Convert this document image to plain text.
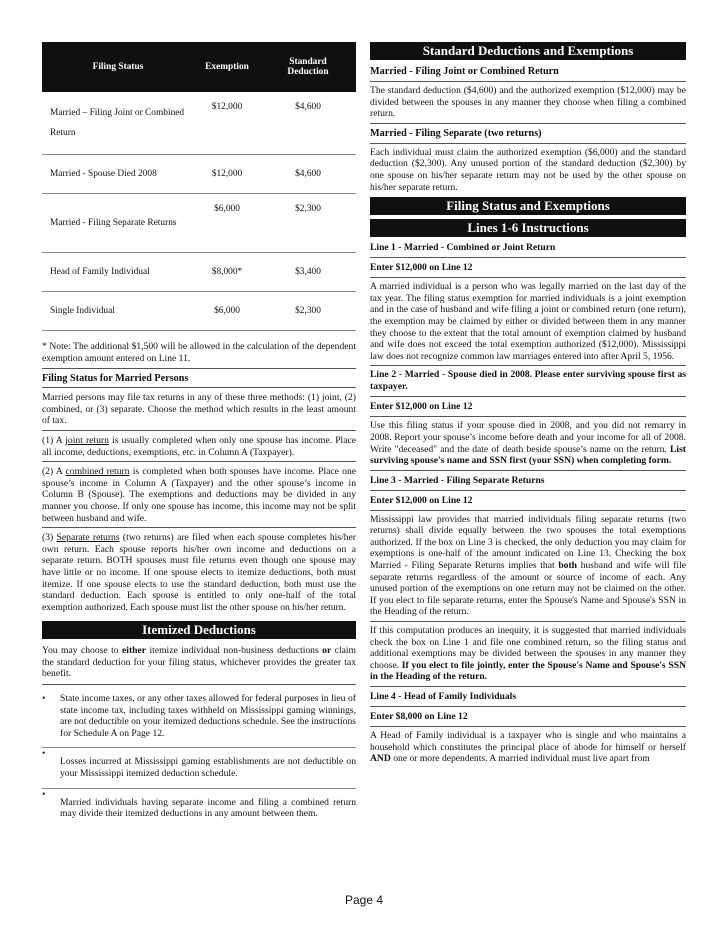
Filing Status	Exemption	Standard Deduction
Married – Filing Joint or Combined Return	$12,000	$4,600
Married - Spouse Died 2008	$12,000	$4,600
Married - Filing Separate Returns	$6,000	$2,300
Head of Family Individual	$8,000*	$3,400
Single Individual	$6,000	$2,300

* Note: The additional $1,500 will be allowed in the calculation of the dependent exemption amount entered on Line 11.

Filing Status for Married Persons

Married persons may file tax returns in any of these three methods: (1) joint, (2) combined, or (3) separate. Choose the method which results in the least amount of tax.

(1) A joint return is usually completed when only one spouse has income. Place all income, deductions, exemptions, etc. in Column A (Taxpayer).

(2) A combined return is completed when both spouses have income. Place one spouse’s income in Column A (Taxpayer) and the other spouse’s income in Column B (Spouse). The exemptions and deductions may be divided in any manner you choose. If only one spouse has income, this income may not be split between husband and wife.

(3) Separate returns (two returns) are filed when each spouse completes his/her own return. Each spouse reports his/her own income and deductions on a separate return. BOTH spouses must file returns even though one spouse may have little or no income. If one spouse elects to itemize deductions, both must itemize. If one spouse elects to use the standard deduction, both must use the standard deduction. Each spouse is entitled to only one-half of the total exemption authorized. Each spouse must list the other spouse on his/her return.

Itemized Deductions

You may choose to either itemize individual non-business deductions or claim the standard deduction for your filing status, whichever provides the greater tax benefit.

• State income taxes, or any other taxes allowed for federal purposes in lieu of state income tax, including taxes withheld on Mississippi gaming winnings, are not deductible on your itemized deductions schedule. See the instructions for Schedule A on Page 12.
• Losses incurred at Mississippi gaming establishments are not deductible on your Mississippi itemized deduction schedule.
• Married individuals having separate income and filing a combined return may divide their itemized deductions in any amount between them.
Standard Deductions and Exemptions

Married - Filing Joint or Combined Return

The standard deduction ($4,600) and the authorized exemption ($12,000) may be divided between the spouses in any manner they choose when filing a combined return.

Married - Filing Separate (two returns)

Each individual must claim the authorized exemption ($6,000) and the standard deduction ($2,300). Any unused portion of the standard deduction ($2,300) by one spouse on his/her separate return may not be used by the other spouse on his/her separate return.

Filing Status and Exemptions
Lines 1-6 Instructions

Line 1 - Married - Combined or Joint Return

Enter $12,000 on Line 12

A married individual is a person who was legally married on the last day of the tax year. The filing status exemption for married individuals is a joint exemption and in the case of husband and wife filing a joint or combined return (one return), the exemption may be claimed by either or divided between them in any manner they choose to the extent that the total amount of exemption claimed by husband and wife does not exceed the total exemption authorized ($12,000). Mississippi law does not recognize common law marriages entered into after April 5, 1956.

Line 2 - Married - Spouse died in 2008. Please enter surviving spouse first as taxpayer.

Enter $12,000 on Line 12

Use this filing status if your spouse died in 2008, and you did not remarry in 2008. Report your spouse’s income before death and your income for all of 2008. Write "deceased" and the date of death beside spouse’s name on the return. List surviving spouse's name and SSN first (your SSN) when completing form.

Line 3 - Married - Filing Separate Returns

Enter $12,000 on Line 12

Mississippi law provides that married individuals filing separate returns (two returns) shall divide equally between the two spouses the total exemptions authorized. If the box on Line 3 is checked, the only deduction you may claim for exemptions is one-half of the amount indicated on Line 13. Checking the box Married - Filing Separate Returns implies that both husband and wife will file separate returns regardless of the amount or source of income of each. Any unused portion of the exemptions on one return may not be claimed on the other. If you elect to file separate returns, enter the Spouse's Name and Spouse's SSN in the Heading of the return.

If this computation produces an inequity, it is suggested that married individuals check the box on Line 1 and file one combined return, so the filing status and additional exemptions may be divided between the spouses in any manner they choose. If you elect to file jointly, enter the Spouse's Name and Spouse's SSN in the Heading of the return.

Line 4 - Head of Family Individuals

Enter $8,000 on Line 12

A Head of Family individual is a taxpayer who is single and who maintains a household which constitutes the principal place of abode for himself or herself AND one or more dependents. A married individual must live apart from

Page 4
